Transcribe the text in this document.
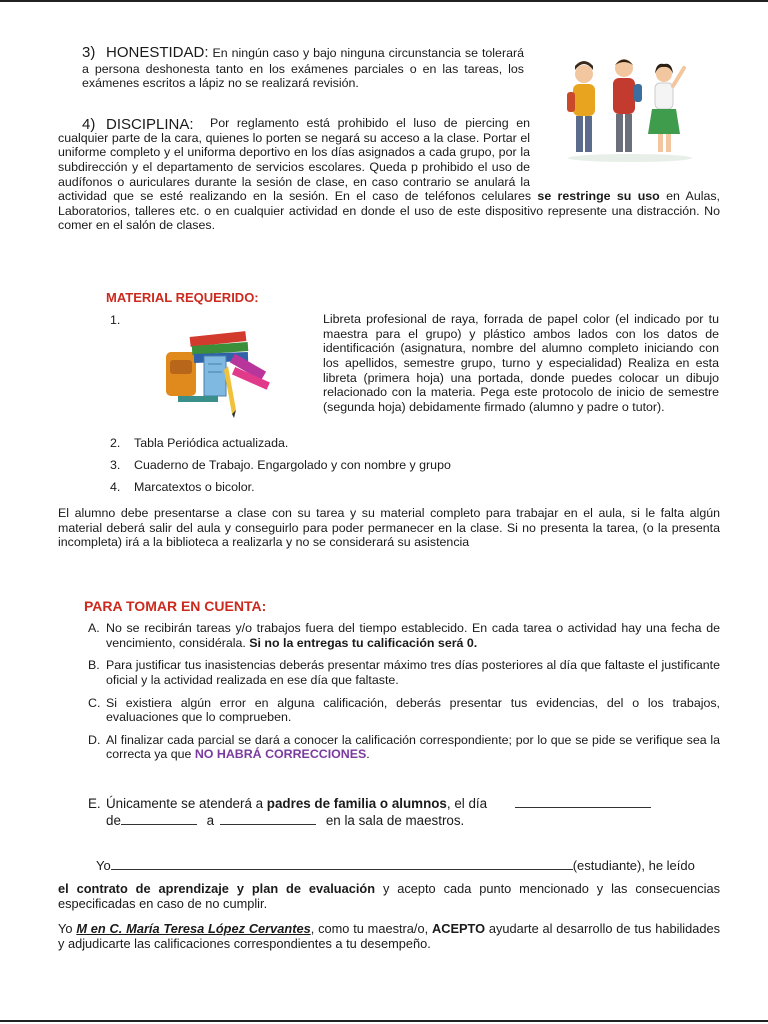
3) HONESTIDAD: En ningún caso y bajo ninguna circunstancia se tolerará a persona deshonesta tanto en los exámenes parciales o en las tareas, los exámenes escritos a lápiz no se realizará revisión.
4) DISCIPLINA:	Por reglamento está prohibido el luso de piercing en cualquier parte de la cara, quienes lo porten se negará su acceso a la clase. Portar el uniforme completo y el uniforma deportivo en los días asignados a cada grupo, por la subdirección y el departamento de servicios escolares. Queda p prohibido el uso de audífonos o auriculares durante la sesión de clase, en caso contrario se anulará la actividad que se esté realizando en la sesión. En el caso de teléfonos celulares se restringe su uso en Aulas, Laboratorios, talleres etc. o en cualquier actividad en donde el uso de este dispositivo represente una distracción. No comer en el salón de clases.
MATERIAL REQUERIDO:
1.	Libreta profesional de raya, forrada de papel color (el indicado por tu maestra para el grupo) y plástico ambos lados con los datos de identificación (asignatura, nombre del alumno completo iniciando con los apellidos, semestre grupo, turno y especialidad) Realiza en esta libreta (primera hoja) una portada, donde puedes colocar un dibujo relacionado con la materia. Pega este protocolo de inicio de semestre (segunda hoja) debidamente firmado (alumno y padre o tutor).
2. Tabla Periódica actualizada.
3. Cuaderno de Trabajo. Engargolado y con nombre y grupo
4. Marcatextos o bicolor.
El alumno debe presentarse a clase con su tarea y su material completo para trabajar en el aula, si le falta algún material deberá salir del aula y conseguirlo para poder permanecer en la clase. Si no presenta la tarea, (o la presenta incompleta) irá a la biblioteca a realizarla y no se considerará su asistencia
PARA TOMAR EN CUENTA:
A. No se recibirán tareas y/o trabajos fuera del tiempo establecido. En cada tarea o actividad hay una fecha de vencimiento, considérala. Si no la entregas tu calificación será 0.
B. Para justificar tus inasistencias deberás presentar máximo tres días posteriores al día que faltaste el justificante oficial y la actividad realizada en ese día que faltaste.
C. Si existiera algún error en alguna calificación, deberás presentar tus evidencias, del o los trabajos, evaluaciones que lo comprueben.
D. Al finalizar cada parcial se dará a conocer la calificación correspondiente; por lo que se pide se verifique sea la correcta ya que NO HABRÁ CORRECCIONES.
E. Únicamente se atenderá a padres de familia o alumnos, el día
de	a	en la sala de maestros.
Yo	(estudiante), he leído
el contrato de aprendizaje y plan de evaluación y acepto cada punto mencionado y las consecuencias especificadas en caso de no cumplir.
Yo M en C. María Teresa López Cervantes, como tu maestra/o, ACEPTO ayudarte al desarrollo de tus habilidades y adjudicarte las calificaciones correspondientes a tu desempeño.
